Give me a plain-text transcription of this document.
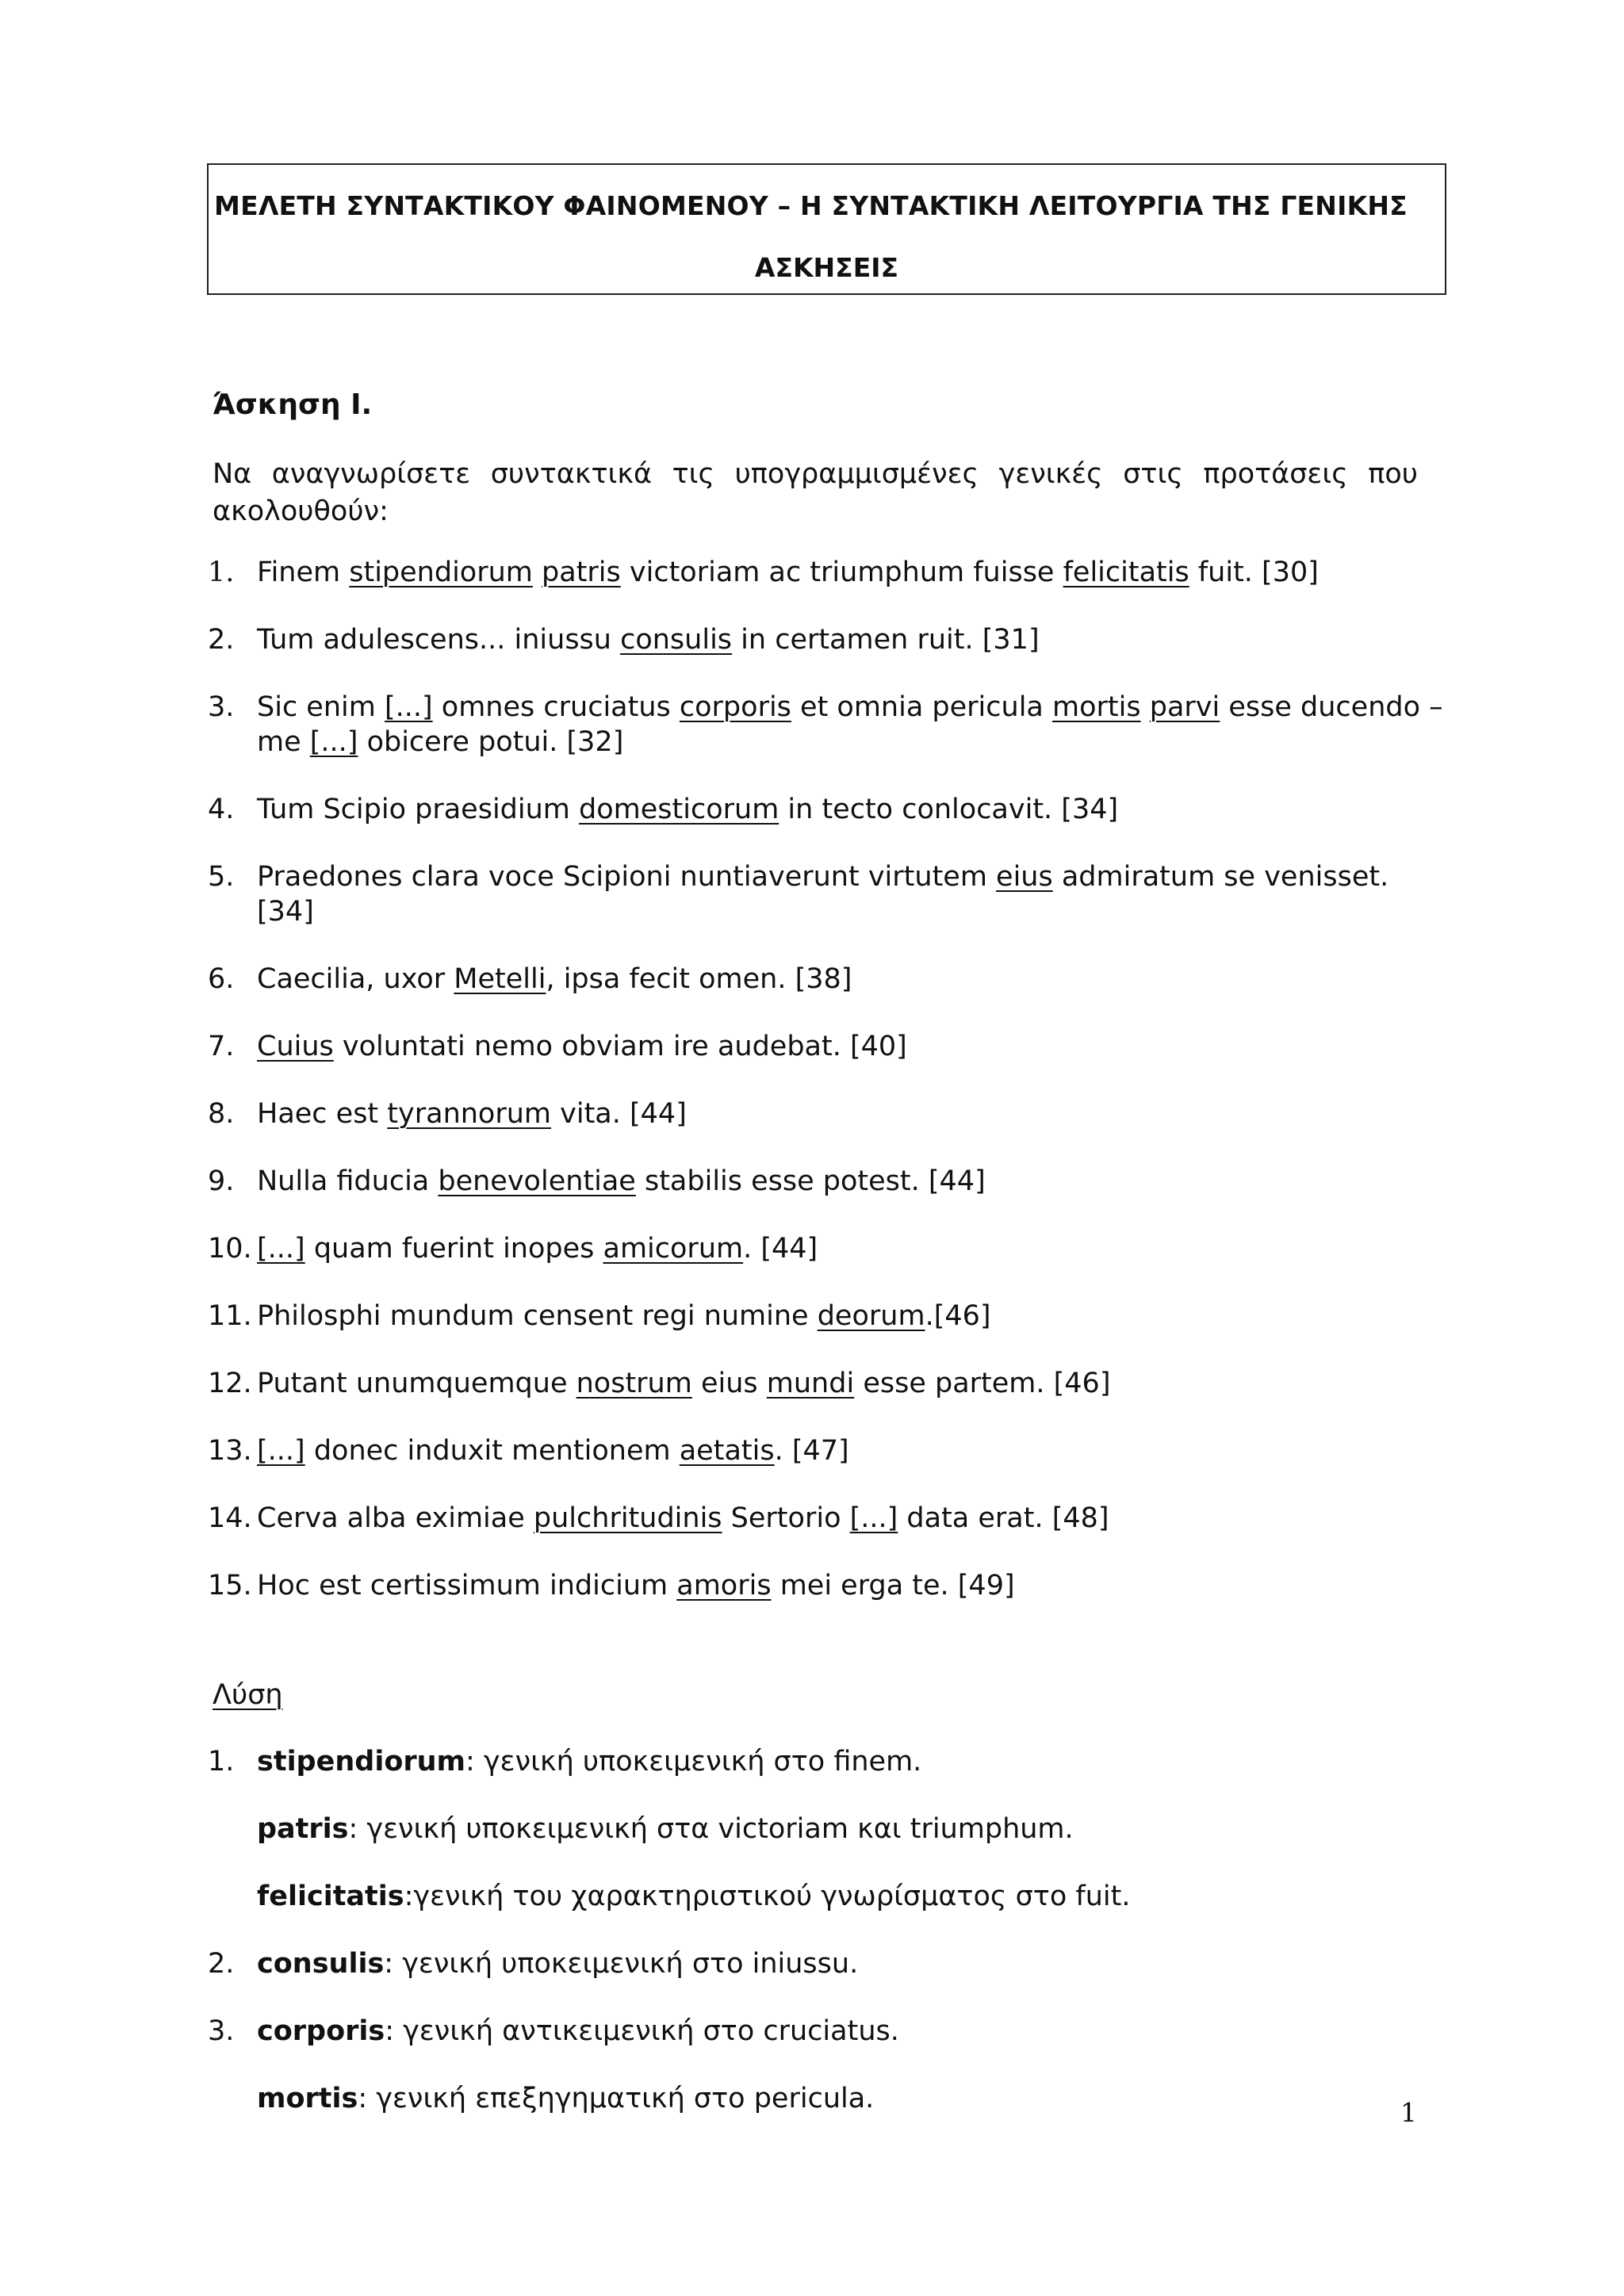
ΜΕΛΕΤΗ ΣΥΝΤΑΚΤΙΚΟΥ ΦΑΙΝΟΜΕΝΟΥ – Η ΣΥΝΤΑΚΤΙΚΗ ΛΕΙΤΟΥΡΓΙΑ ΤΗΣ ΓΕΝΙΚΗΣ
ΑΣΚΗΣΕΙΣ
Άσκηση Ι.
Να αναγνωρίσετε συντακτικά τις υπογραμμισμένες γενικές στις προτάσεις που ακολουθούν:
1. Finem stipendiorum patris victoriam ac triumphum fuisse felicitatis fuit. [30]
2. Tum adulescens... iniussu consulis in certamen ruit. [31]
3. Sic enim [...] omnes cruciatus corporis et omnia pericula mortis parvi esse ducendo – me [...] obicere potui. [32]
4. Tum Scipio praesidium domesticorum in tecto conlocavit. [34]
5. Praedones clara voce Scipioni nuntiaverunt virtutem eius admiratum se venisset. [34]
6. Caecilia, uxor Metelli, ipsa fecit omen. [38]
7. Cuius voluntati nemo obviam ire audebat. [40]
8. Haec est tyrannorum vita. [44]
9. Nulla fiducia benevolentiae stabilis esse potest. [44]
10. [...] quam fuerint inopes amicorum. [44]
11. Philosphi mundum censent regi numine deorum.[46]
12. Putant unumquemque nostrum eius mundi esse partem. [46]
13. [...] donec induxit mentionem aetatis. [47]
14. Cerva alba eximiae pulchritudinis Sertorio [...] data erat. [48]
15. Hoc est certissimum indicium amoris mei erga te. [49]
Λύση
1. stipendiorum: γενική υποκειμενική στο finem.
patris: γενική υποκειμενική στα victoriam και triumphum.
felicitatis:γενική του χαρακτηριστικού γνωρίσματος στο fuit.
2. consulis: γενική υποκειμενική στο iniussu.
3. corporis: γενική αντικειμενική στο cruciatus.
mortis: γενική επεξηγηματική στο pericula.	1
